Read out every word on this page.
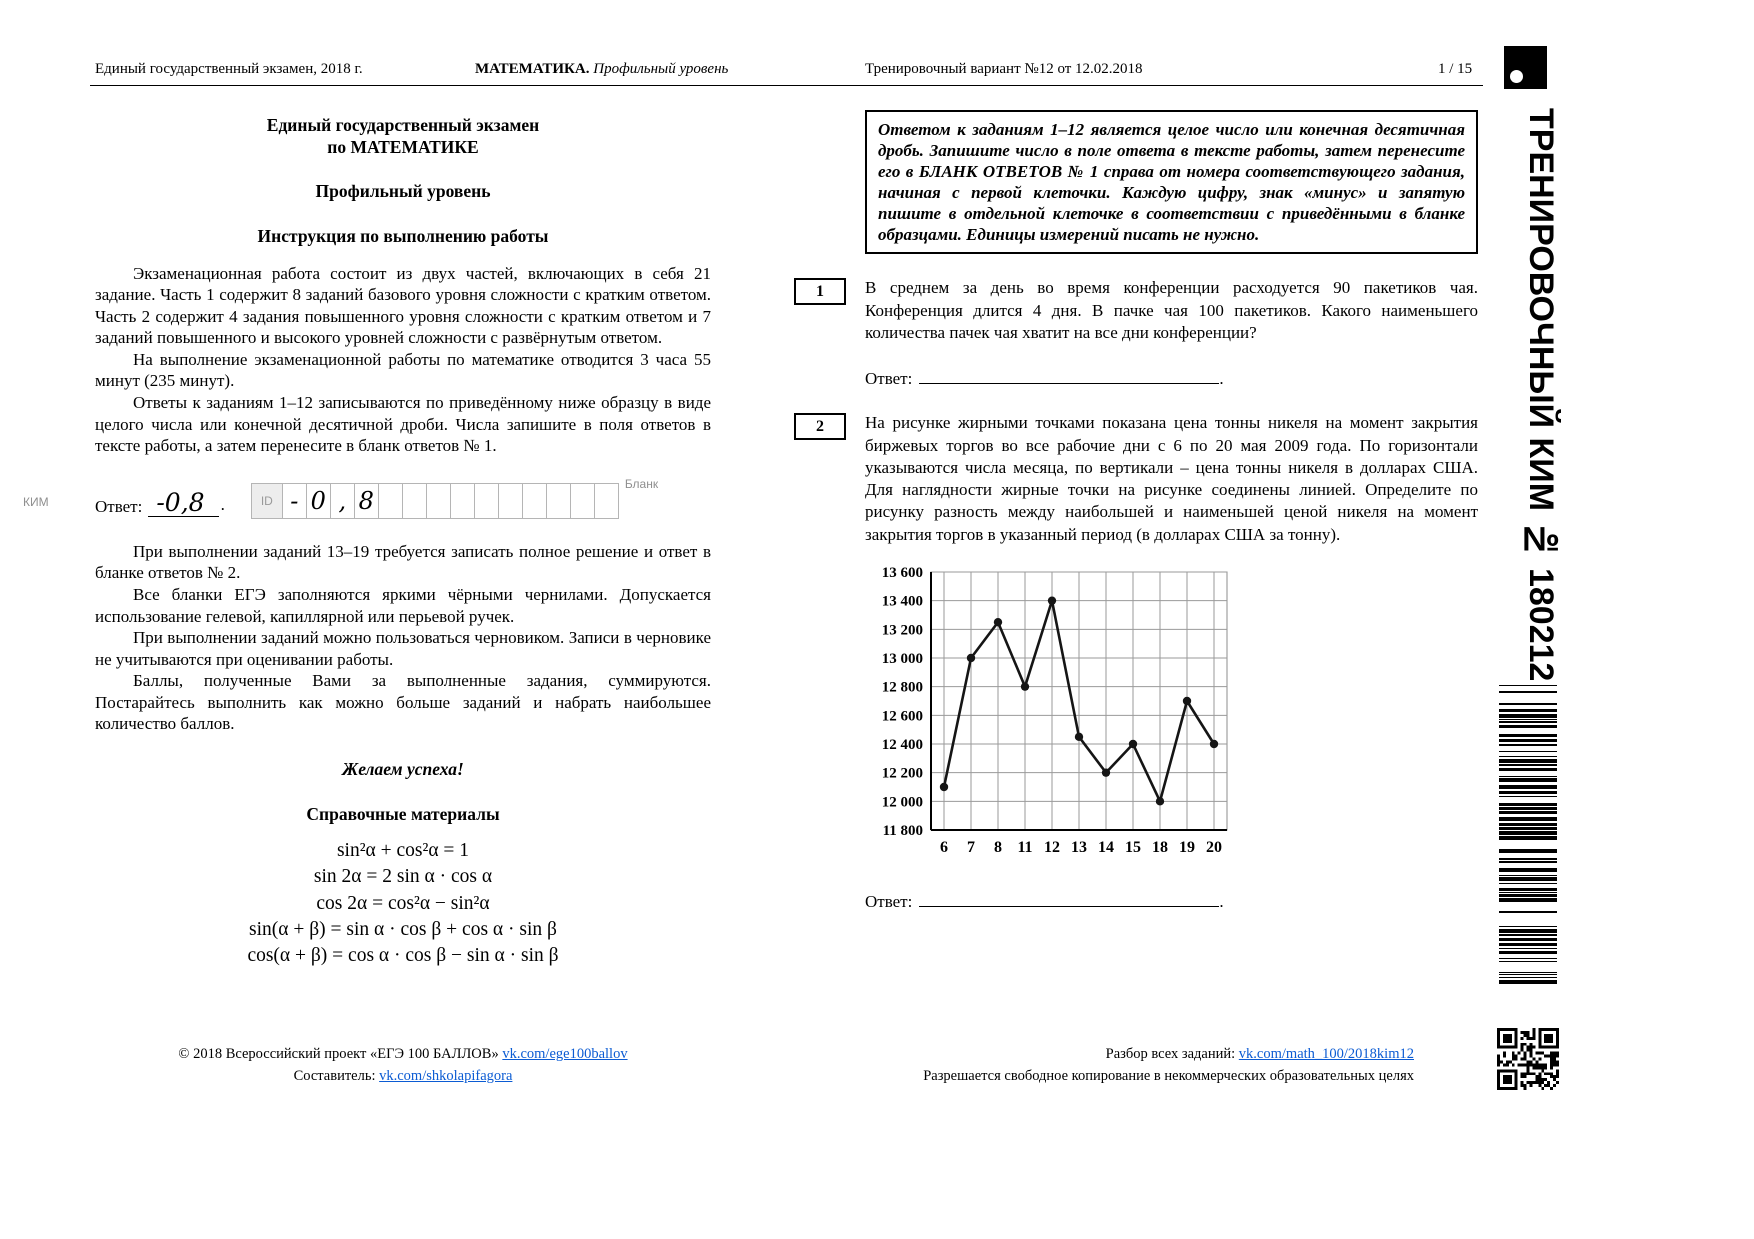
Единый государственный экзамен, 2018 г.	МАТЕМАТИКА. Профильный уровень	Тренировочный вариант №12 от 12.02.2018	1 / 15
Единый государственный экзамен
по МАТЕМАТИКЕ
Профильный уровень
Инструкция по выполнению работы

Экзаменационная работа состоит из двух частей, включающих в себя 21 задание. Часть 1 содержит 8 заданий базового уровня сложности с кратким ответом. Часть 2 содержит 4 задания повышенного уровня сложности с кратким ответом и 7 заданий повышенного и высокого уровней сложности с развёрнутым ответом.

На выполнение экзаменационной работы по математике отводится 3 часа 55 минут (235 минут).

Ответы к заданиям 1–12 записываются по приведённому ниже образцу в виде целого числа или конечной десятичной дроби. Числа запишите в поля ответов в тексте работы, а затем перенесите в бланк ответов № 1.

КИМ	Ответ: -0,8 .	ID - 0 , 8
Бланк

При выполнении заданий 13–19 требуется записать полное решение и ответ в бланке ответов № 2.

Все бланки ЕГЭ заполняются яркими чёрными чернилами. Допускается использование гелевой, капиллярной или перьевой ручек.

При выполнении заданий можно пользоваться черновиком. Записи в черновике не учитываются при оценивании работы.

Баллы, полученные Вами за выполненные задания, суммируются. Постарайтесь выполнить как можно больше заданий и набрать наибольшее количество баллов.

Желаем успеха!
Справочные материалы
sin²α + cos²α = 1
sin 2α = 2 sin α · cos α
cos 2α = cos²α − sin²α
sin(α + β) = sin α · cos β + cos α · sin β
cos(α + β) = cos α · cos β − sin α · sin β
Ответом к заданиям 1–12 является целое число или конечная десятичная дробь. Запишите число в поле ответа в тексте работы, затем перенесите его в БЛАНК ОТВЕТОВ № 1 справа от номера соответствующего задания, начиная с первой клеточки. Каждую цифру, знак «минус» и запятую пишите в отдельной клеточке в соответствии с приведёнными в бланке образцами. Единицы измерений писать не нужно.
1	В среднем за день во время конференции расходуется 90 пакетиков чая. Конференция длится 4 дня. В пачке чая 100 пакетиков. Какого наименьшего количества пачек чая хватит на все дни конференции?
Ответ:	.
2	На рисунке жирными точками показана цена тонны никеля на момент закрытия биржевых торгов во все рабочие дни с 6 по 20 мая 2009 года. По горизонтали указываются числа месяца, по вертикали – цена тонны никеля в долларах США. Для наглядности жирные точки на рисунке соединены линией. Определите по рисунку разность между наибольшей и наименьшей ценой никеля на момент закрытия торгов в указанный период (в долларах США за тонну).
13 600
13 400
13 200
13 000
12 800
12 600
12 400
12 200
12 000
11 800
6 7 8 11 12 13 14 15 18 19 20
Ответ:	.
© 2018 Всероссийский проект «ЕГЭ 100 БАЛЛОВ» vk.com/ege100ballov
Составитель: vk.com/shkolapifagora
Разбор всех заданий: vk.com/math_100/2018kim12
Разрешается свободное копирование в некоммерческих образовательных целях
ТРЕНИРОВОЧНЫЙ КИМ № 180212
